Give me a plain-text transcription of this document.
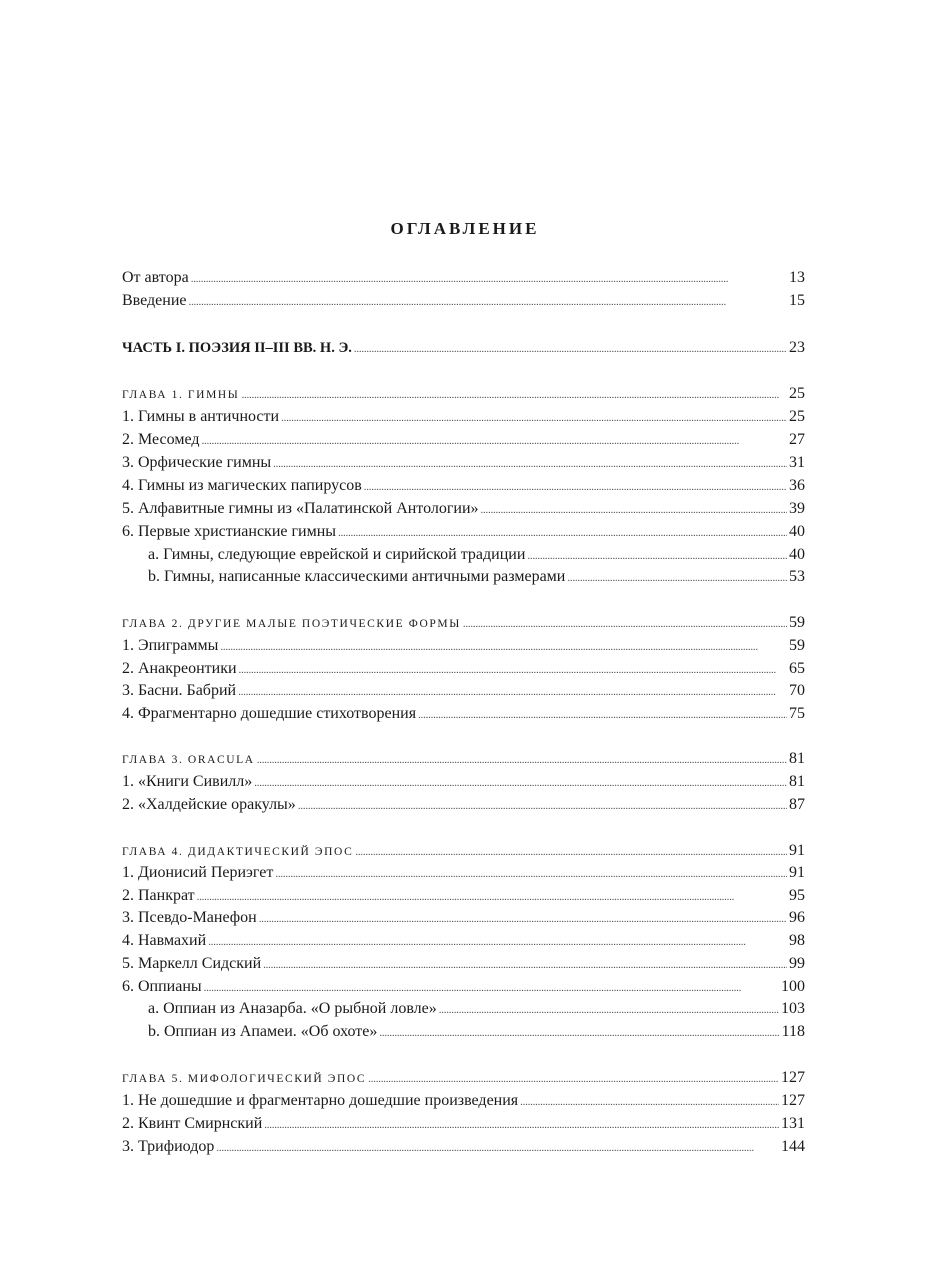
ОГЛАВЛЕНИЕ
От автора . . .	13
Введение . . .	15
ЧАСТЬ I. ПОЭЗИЯ II–III ВВ. Н. Э. . . .	23
ГЛАВА 1. ГИМНЫ . . .	25
1. Гимны в античности . . .	25
2. Месомед . . .	27
3. Орфические гимны . . .	31
4. Гимны из магических папирусов . . .	36
5. Алфавитные гимны из «Палатинской Антологии» . . .	39
6. Первые христианские гимны . . .	40
a. Гимны, следующие еврейской и сирийской традиции . . .	40
b. Гимны, написанные классическими античными размерами . . .	53
ГЛАВА 2. ДРУГИЕ МАЛЫЕ ПОЭТИЧЕСКИЕ ФОРМЫ . . .	59
1. Эпиграммы . . .	59
2. Анакреонтики . . .	65
3. Басни. Бабрий . . .	70
4. Фрагментарно дошедшие стихотворения . . .	75
ГЛАВА 3. ORACULA . . .	81
1. «Книги Сивилл» . . .	81
2. «Халдейские оракулы» . . .	87
ГЛАВА 4. ДИДАКТИЧЕСКИЙ ЭПОС . . .	91
1. Дионисий Периэгет . . .	91
2. Панкрат . . .	95
3. Псевдо-Манефон . . .	96
4. Навмахий . . .	98
5. Маркелл Сидский . . .	99
6. Оппианы . . .	100
a. Оппиан из Аназарба. «О рыбной ловле» . . .	103
b. Оппиан из Апамеи. «Об охоте» . . .	118
ГЛАВА 5. МИФОЛОГИЧЕСКИЙ ЭПОС . . .	127
1. Не дошедшие и фрагментарно дошедшие произведения . . .	127
2. Квинт Смирнский . . .	131
3. Трифиодор . . .	144
